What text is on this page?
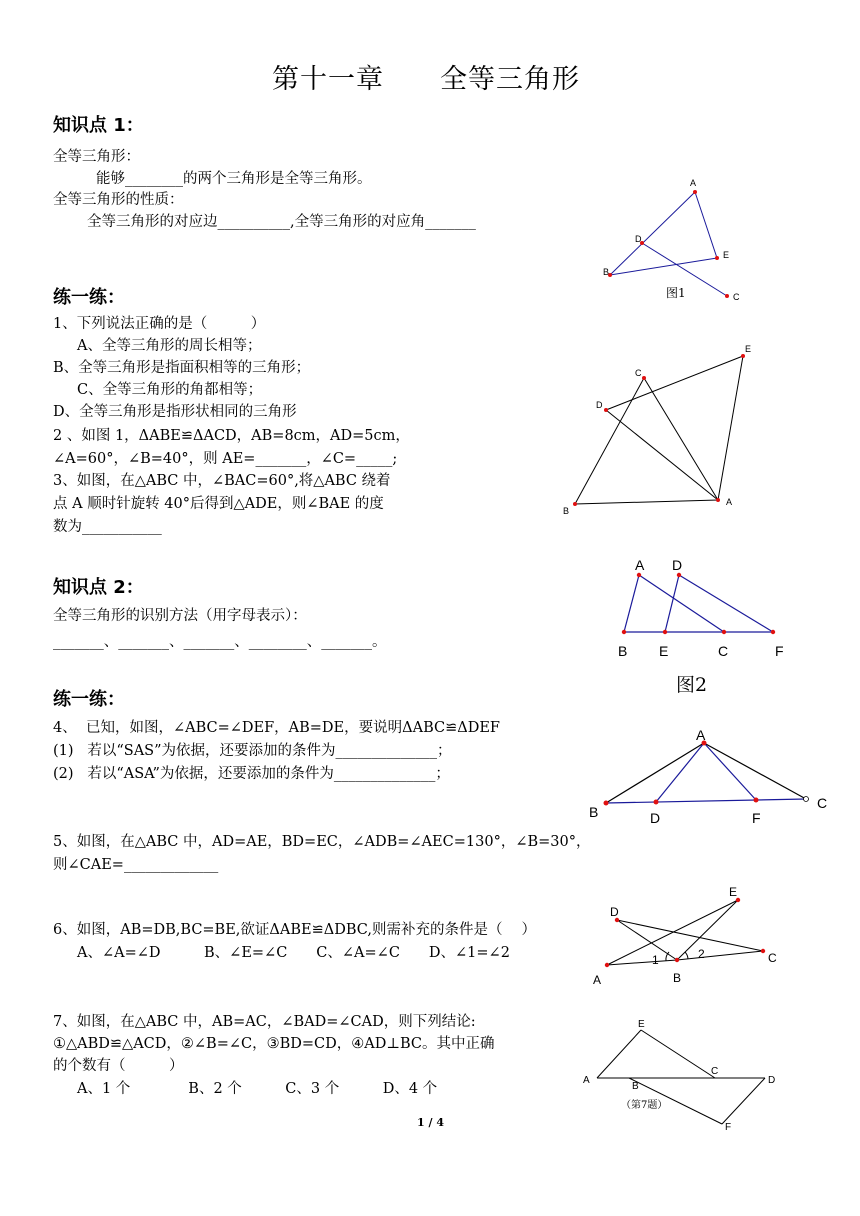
第十一章　　全等三角形
知识点 1：
全等三角形：
能够________的两个三角形是全等三角形。
全等三角形的性质：
全等三角形的对应边__________,全等三角形的对应角_______
练一练：
1、下列说法正确的是（　　　）
A、全等三角形的周长相等；
B、全等三角形是指面积相等的三角形；
C、全等三角形的角都相等；
D、全等三角形是指形状相同的三角形
2 、如图 1，ΔABE≌ΔACD，AB=8cm，AD=5cm，
∠A=60°，∠B=40°，则 AE=_______，∠C=_____;
3、如图，在△ABC 中，∠BAC=60°,将△ABC 绕着
点 A 顺时针旋转 40°后得到△ADE，则∠BAE 的度
数为___________
知识点 2：
全等三角形的识别方法（用字母表示）：
_______、_______、_______、________、_______。
练一练：
4、  已知，如图，∠ABC=∠DEF，AB=DE，要说明ΔABC≌ΔDEF
(1)   若以“SAS”为依据，还要添加的条件为______________；
(2)   若以“ASA”为依据，还要添加的条件为______________；
5、如图，在△ABC 中，AD=AE，BD=EC，∠ADB=∠AEC=130°，∠B=30°，
则∠CAE=_____________
6、如图，AB=DB,BC=BE,欲证ΔABE≌ΔDBC,则需补充的条件是（　 ）
A、∠A=∠D　　　B、∠E=∠C　　C、∠A=∠C　　D、∠1=∠2
7、如图，在△ABC 中，AB=AC，∠BAD=∠CAD，则下列结论:
①△ABD≌△ACD，②∠B=∠C，③BD=CD，④AD⊥BC。其中正确
的个数有（　　　）
A、1 个　　　　B、2 个　　　C、3 个　　　D、4 个
1 / 4
A
B
C
D
E
图1
A
B
C
D
E
A D
B E	C	F
图2
A
B
C
D	F
A	B
C
D
E
1	2
A
B
C
D
E
F
（第7题）
